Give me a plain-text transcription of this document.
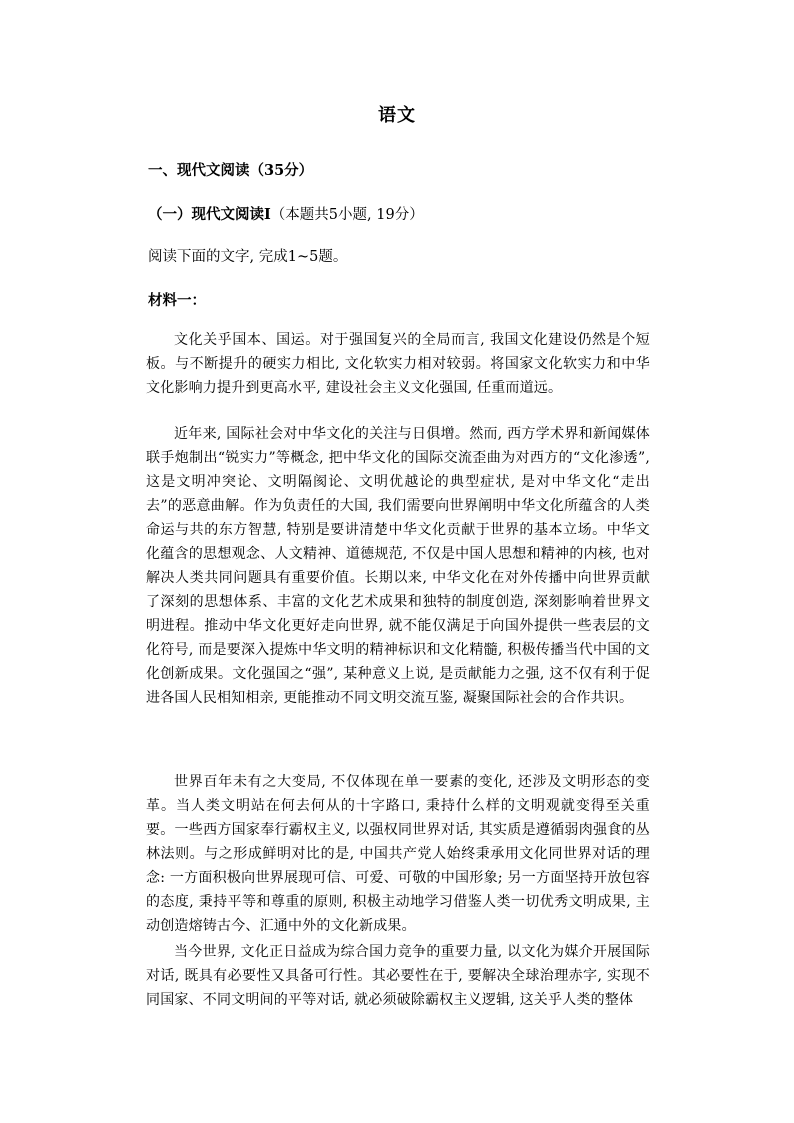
语文
一、现代文阅读（35分）
（一）现代文阅读Ⅰ（本题共5小题, 19分）
阅读下面的文字, 完成1~5题。
材料一：
文化关乎国本、国运。对于强国复兴的全局而言, 我国文化建设仍然是个短板。与不断提升的硬实力相比, 文化软实力相对较弱。将国家文化软实力和中华文化影响力提升到更高水平, 建设社会主义文化强国, 任重而道远。
近年来, 国际社会对中华文化的关注与日俱增。然而, 西方学术界和新闻媒体联手炮制出“锐实力”等概念, 把中华文化的国际交流歪曲为对西方的“文化渗透”, 这是文明冲突论、文明隔阂论、文明优越论的典型症状, 是对中华文化“走出去”的恶意曲解。作为负责任的大国, 我们需要向世界阐明中华文化所蕴含的人类命运与共的东方智慧, 特别是要讲清楚中华文化贡献于世界的基本立场。中华文化蕴含的思想观念、人文精神、道德规范, 不仅是中国人思想和精神的内核, 也对解决人类共同问题具有重要价值。长期以来, 中华文化在对外传播中向世界贡献了深刻的思想体系、丰富的文化艺术成果和独特的制度创造, 深刻影响着世界文明进程。推动中华文化更好走向世界, 就不能仅满足于向国外提供一些表层的文化符号, 而是要深入提炼中华文明的精神标识和文化精髓, 积极传播当代中国的文化创新成果。文化强国之“强”, 某种意义上说, 是贡献能力之强, 这不仅有利于促进各国人民相知相亲, 更能推动不同文明交流互鉴, 凝聚国际社会的合作共识。
世界百年未有之大变局, 不仅体现在单一要素的变化, 还涉及文明形态的变革。当人类文明站在何去何从的十字路口, 秉持什么样的文明观就变得至关重要。一些西方国家奉行霸权主义, 以强权同世界对话, 其实质是遵循弱肉强食的丛林法则。与之形成鲜明对比的是, 中国共产党人始终秉承用文化同世界对话的理念: 一方面积极向世界展现可信、可爱、可敬的中国形象; 另一方面坚持开放包容的态度, 秉持平等和尊重的原则, 积极主动地学习借鉴人类一切优秀文明成果, 主动创造熔铸古今、汇通中外的文化新成果。
当今世界, 文化正日益成为综合国力竞争的重要力量, 以文化为媒介开展国际对话, 既具有必要性又具备可行性。其必要性在于, 要解决全球治理赤字, 实现不同国家、不同文明间的平等对话, 就必须破除霸权主义逻辑, 这关乎人类的整体
